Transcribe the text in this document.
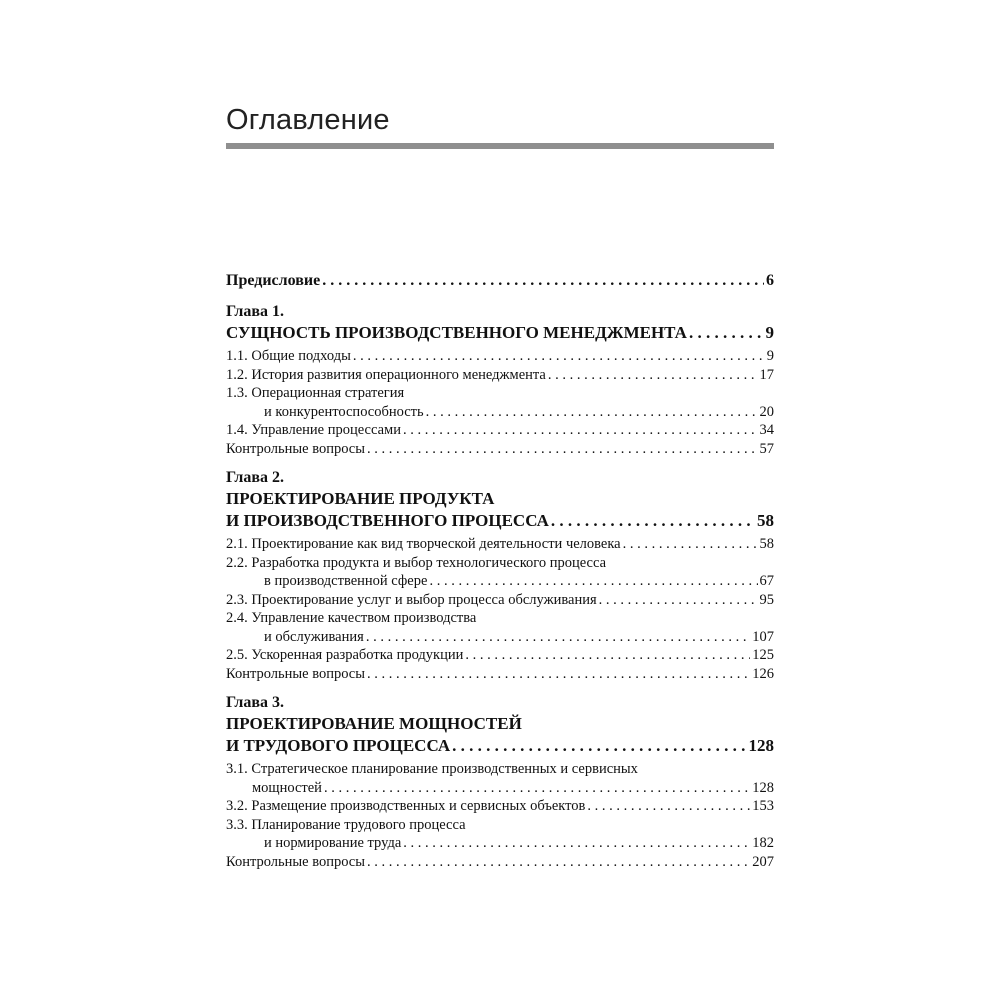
Оглавление
Предисловие . . .	6
Глава 1.
СУЩНОСТЬ ПРОИЗВОДСТВЕННОГО МЕНЕДЖМЕНТА . . .	9
1.1. Общие подходы . . .	9
1.2. История развития операционного менеджмента . . .	17
1.3. Операционная стратегия
и конкурентоспособность . . .	20
1.4. Управление процессами . . .	34
Контрольные вопросы . . .	57
Глава 2.
ПРОЕКТИРОВАНИЕ ПРОДУКТА
И ПРОИЗВОДСТВЕННОГО ПРОЦЕССА . . .	58
2.1. Проектирование как вид творческой деятельности человека . . .	58
2.2. Разработка продукта и выбор технологического процесса
в производственной сфере . . .	67
2.3. Проектирование услуг и выбор процесса обслуживания . . .	95
2.4. Управление качеством производства
и обслуживания . . .	107
2.5. Ускоренная разработка продукции . . .	125
Контрольные вопросы . . .	126
Глава 3.
ПРОЕКТИРОВАНИЕ МОЩНОСТЕЙ
И ТРУДОВОГО ПРОЦЕССА . . .	128
3.1. Стратегическое планирование производственных и сервисных
мощностей . . .	128
3.2. Размещение производственных и сервисных объектов . . .	153
3.3. Планирование трудового процесса
и нормирование труда . . .	182
Контрольные вопросы . . .	207
